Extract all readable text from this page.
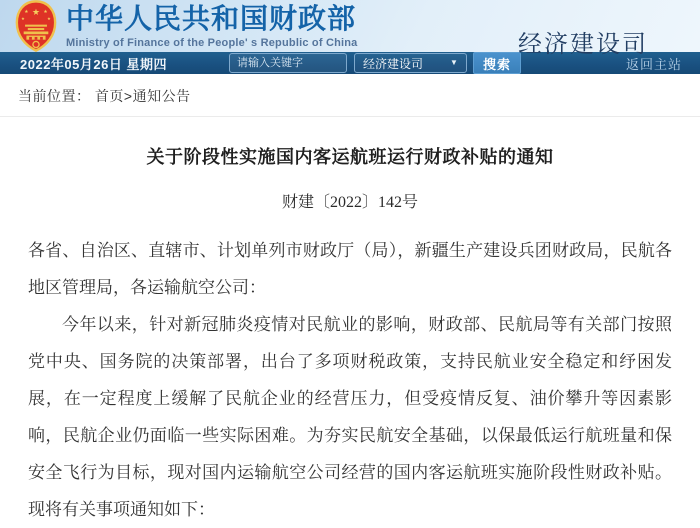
★
★ ★
★	★ 中华人民共和国财政部
Ministry of Finance of the People' s Republic of China	经济建设司
2022年05月26日 星期四
请输入关键字	经济建设司	▼	搜索	返回主站
当前位置： 首页>通知公告
关于阶段性实施国内客运航班运行财政补贴的通知
财建〔2022〕142号

各省、自治区、直辖市、计划单列市财政厅（局），新疆生产建设兵团财政局，民航各地区管理局，各运输航空公司：

今年以来，针对新冠肺炎疫情对民航业的影响，财政部、民航局等有关部门按照党中央、国务院的决策部署，出台了多项财税政策，支持民航业安全稳定和纾困发展，在一定程度上缓解了民航企业的经营压力，但受疫情反复、油价攀升等因素影响，民航企业仍面临一些实际困难。为夯实民航安全基础，以保最低运行航班量和保安全飞行为目标，现对国内运输航空公司经营的国内客运航班实施阶段性财政补贴。现将有关事项通知如下：
